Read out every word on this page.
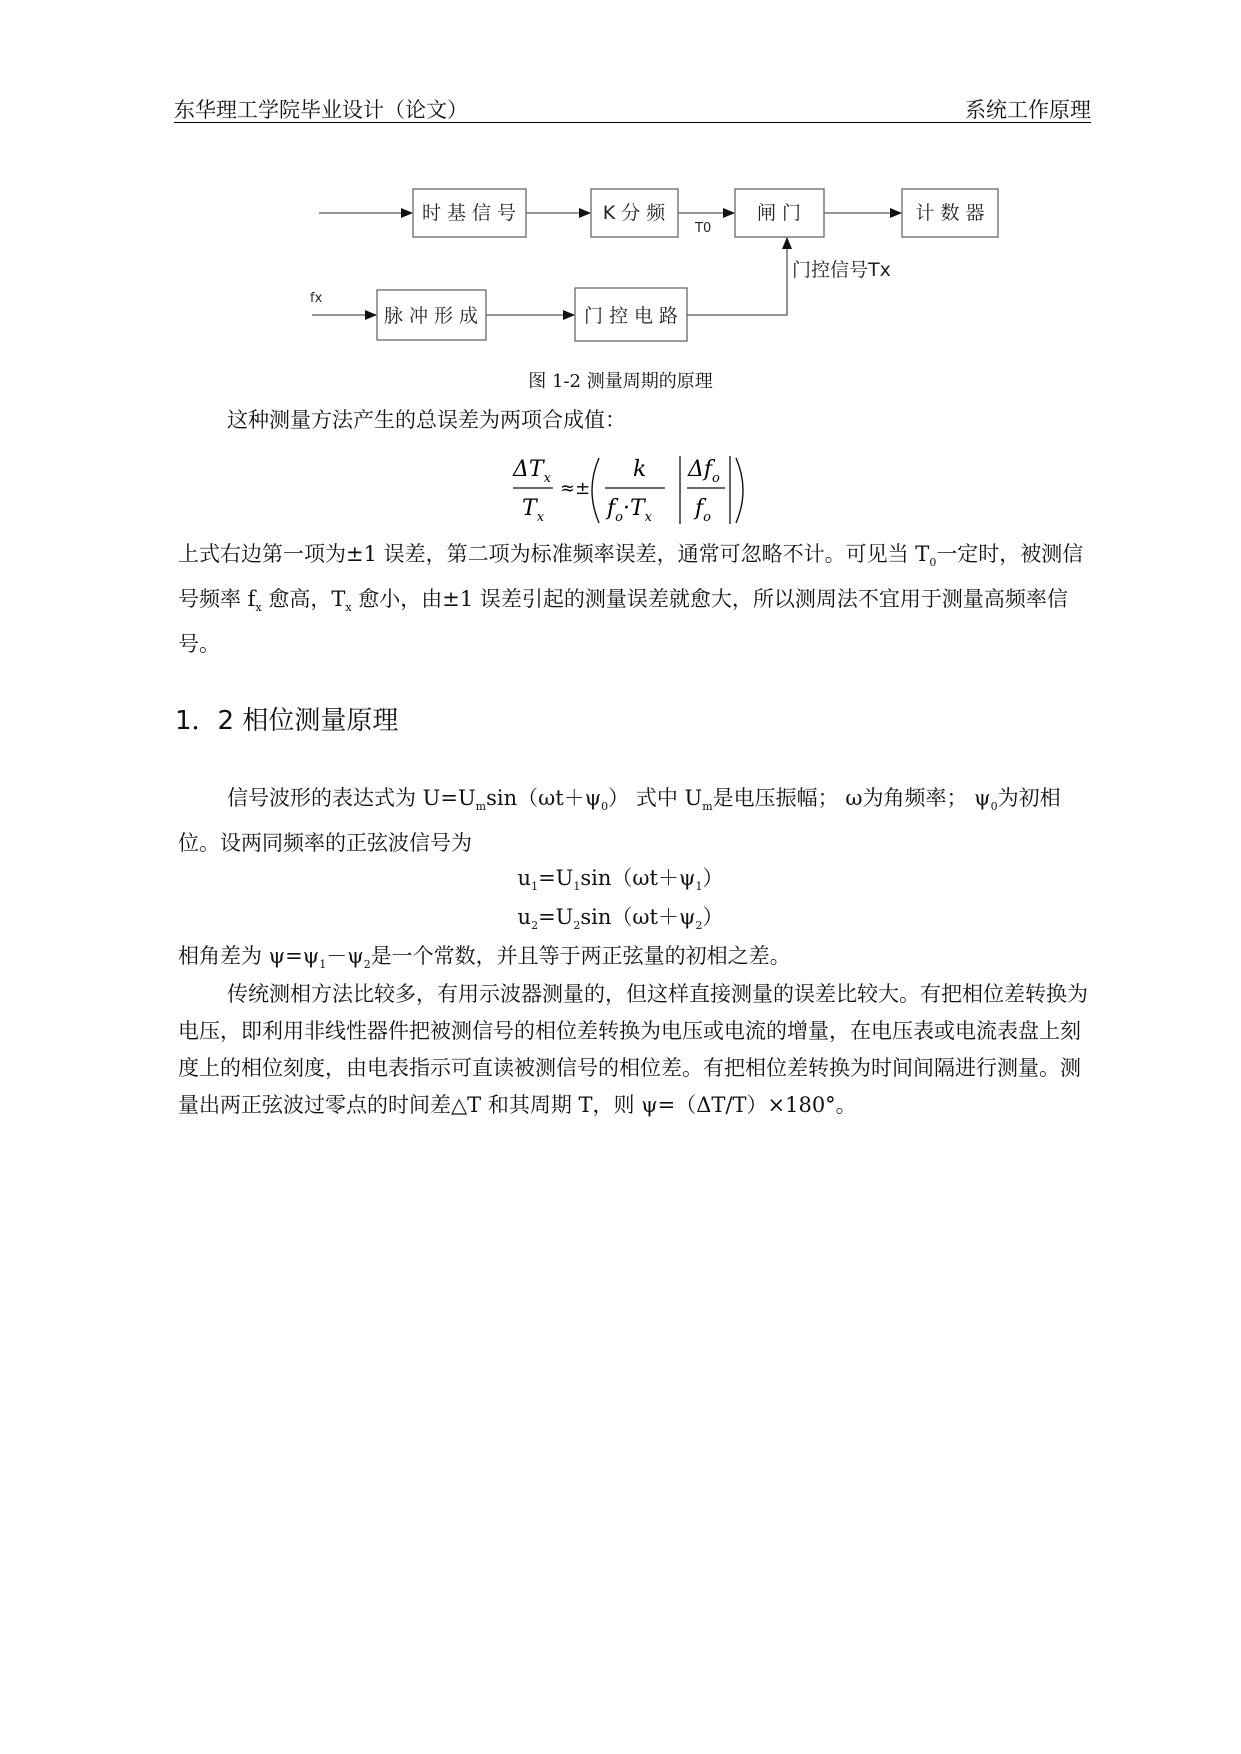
东华理工学院毕业设计（论文）	系统工作原理
时 基 信 号	K 分 频	闸 门	计 数 器
脉 冲 形 成	门 控 电 路
T0
门控信号Tx
fx
图 1-2 测量周期的原理
这种测量方法产生的总误差为两项合成值：
$\Delta T_x$
$T_x$
≈±
k
$f_o\cdot T_x$
$\Delta f_o$
$f_o$
上式右边第一项为±1 误差，第二项为标准频率误差，通常可忽略不计。可见当 $T_0$一定时，被测信号频率 $f_x$ 愈高，$T_x$ 愈小，由±1 误差引起的测量误差就愈大，所以测周法不宜用于测量高频率信号。
1．2 相位测量原理
信号波形的表达式为 $U=U_m\sin(\omega t+\psi_0)$ 式中 $U_m$是电压振幅； ω为角频率； $\psi_0$为初相位。设两同频率的正弦波信号为
$u_1=U_1\sin(\omega t+\psi_1)$
$u_2=U_2\sin(\omega t+\psi_2)$
相角差为 $\psi=\psi_1-\psi_2$是一个常数，并且等于两正弦量的初相之差。
传统测相方法比较多，有用示波器测量的，但这样直接测量的误差比较大。有把相位差转换为电压，即利用非线性器件把被测信号的相位差转换为电压或电流的增量，在电压表或电流表盘上刻度上的相位刻度，由电表指示可直读被测信号的相位差。有把相位差转换为时间间隔进行测量。测量出两正弦波过零点的时间差△T 和其周期 T，则 ψ=（ΔT/T）×180°。
